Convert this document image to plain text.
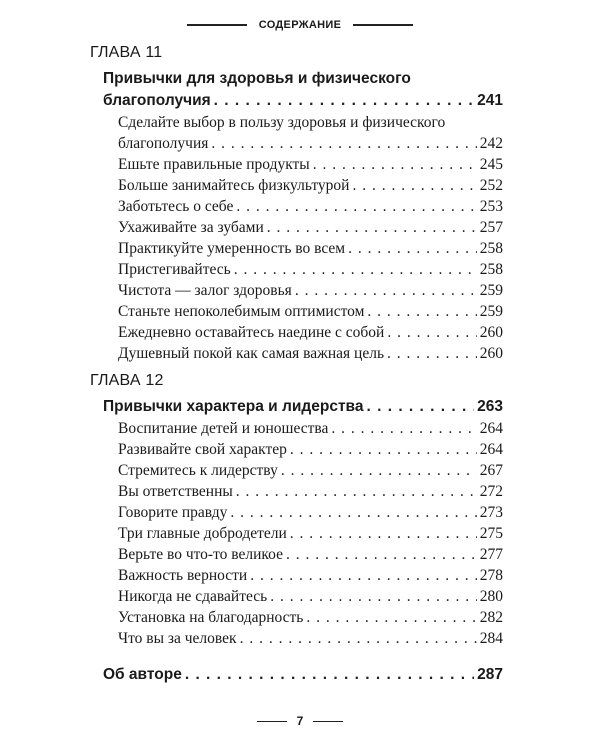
СОДЕРЖАНИЕ
ГЛАВА 11
Привычки для здоровья и физического
благополучия . . .	241
Сделайте выбор в пользу здоровья и физического
благополучия . . .	242
Ешьте правильные продукты . . .	245
Больше занимайтесь физкультурой . . .	252
Заботьтесь о себе . . .	253
Ухаживайте за зубами . . .	257
Практикуйте умеренность во всем . . .	258
Пристегивайтесь . . .	258
Чистота — залог здоровья . . .	259
Станьте непоколебимым оптимистом . . .	259
Ежедневно оставайтесь наедине с собой . . .	260
Душевный покой как самая важная цель . . .	260
ГЛАВА 12
Привычки характера и лидерства . . .	263
Воспитание детей и юношества . . .	264
Развивайте свой характер . . .	264
Стремитесь к лидерству . . .	267
Вы ответственны . . .	272
Говорите правду . . .	273
Три главные добродетели . . .	275
Верьте во что-то великое . . .	277
Важность верности . . .	278
Никогда не сдавайтесь . . .	280
Установка на благодарность . . .	282
Что вы за человек . . .	284
Об авторе . . .	287
7
